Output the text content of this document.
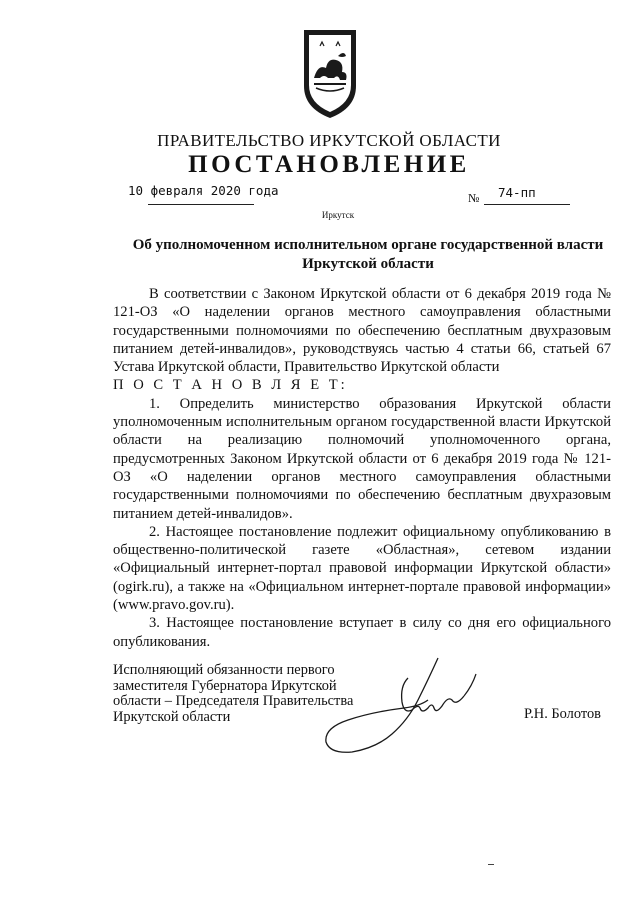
ПРАВИТЕЛЬСТВО ИРКУТСКОЙ ОБЛАСТИ
ПОСТАНОВЛЕНИЕ
10 февраля 2020 года	№ 74-пп
Иркутск
Об уполномоченном исполнительном органе государственной власти
Иркутской области

В соответствии с Законом Иркутской области от 6 декабря 2019 года № 121-ОЗ «О наделении органов местного самоуправления областными государственными полномочиями по обеспечению бесплатным двухразовым питанием детей-инвалидов», руководствуясь частью 4 статьи 66, статьей 67 Устава Иркутской области, Правительство Иркутской области

П О С Т А Н О В Л Я Е Т:

1. Определить министерство образования Иркутской области уполномоченным исполнительным органом государственной власти Иркутской области на реализацию полномочий уполномоченного органа, предусмотренных Законом Иркутской области от 6 декабря 2019 года № 121-ОЗ «О наделении органов местного самоуправления областными государственными полномочиями по обеспечению бесплатным двухразовым питанием детей-инвалидов».

2. Настоящее постановление подлежит официальному опубликованию в общественно-политической газете «Областная», сетевом издании «Официальный интернет-портал правовой информации Иркутской области» (ogirk.ru), а также на «Официальном интернет-портале правовой информации» (www.pravo.gov.ru).

3. Настоящее постановление вступает в силу со дня его официального опубликования.

Исполняющий обязанности первого
заместителя Губернатора Иркутской
области – Председателя Правительства
Иркутской области	Р.Н. Болотов
